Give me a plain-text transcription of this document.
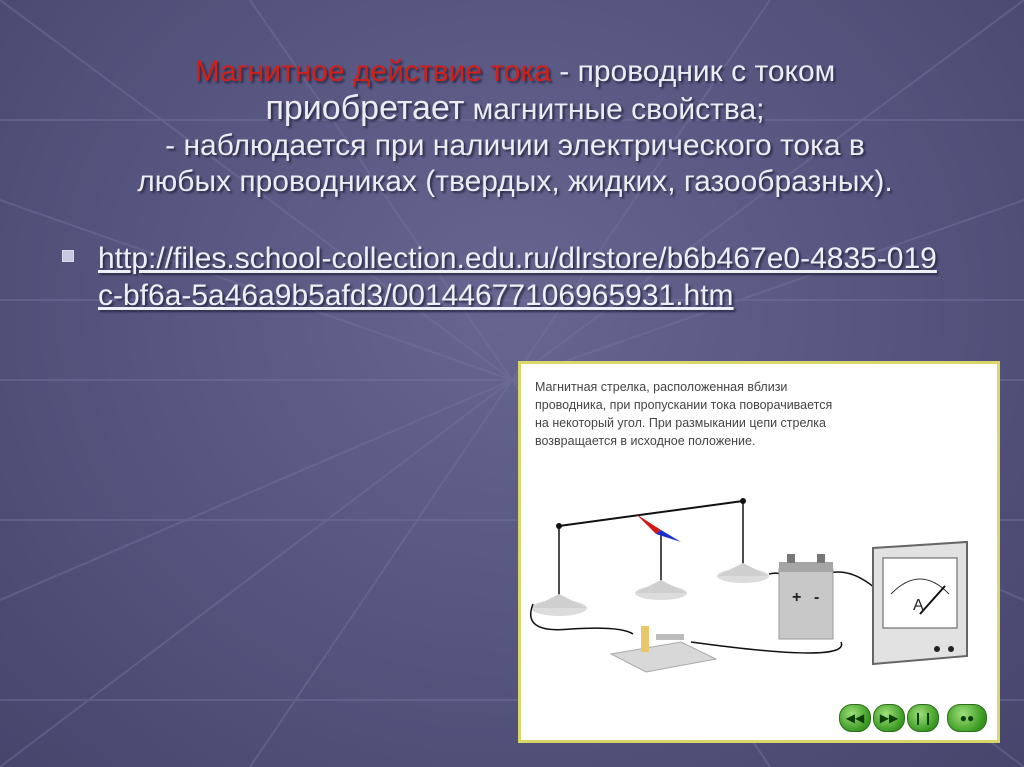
Магнитное действие тока - проводник с током
приобретает магнитные свойства;
- наблюдается при наличии электрического тока в
любых проводниках (твердых, жидких, газообразных).
http://files.school-collection.edu.ru/dlrstore/b6b467e0-4835-019c-bf6a-5a46a9b5afd3/00144677106965931.htm
Магнитная стрелка, расположенная вблизи проводника, при пропускании тока поворачивается на некоторый угол. При размыкании цепи стрелка возвращается в исходное положение.
+ -	A
◀◀	▶▶	❙❙	●●
